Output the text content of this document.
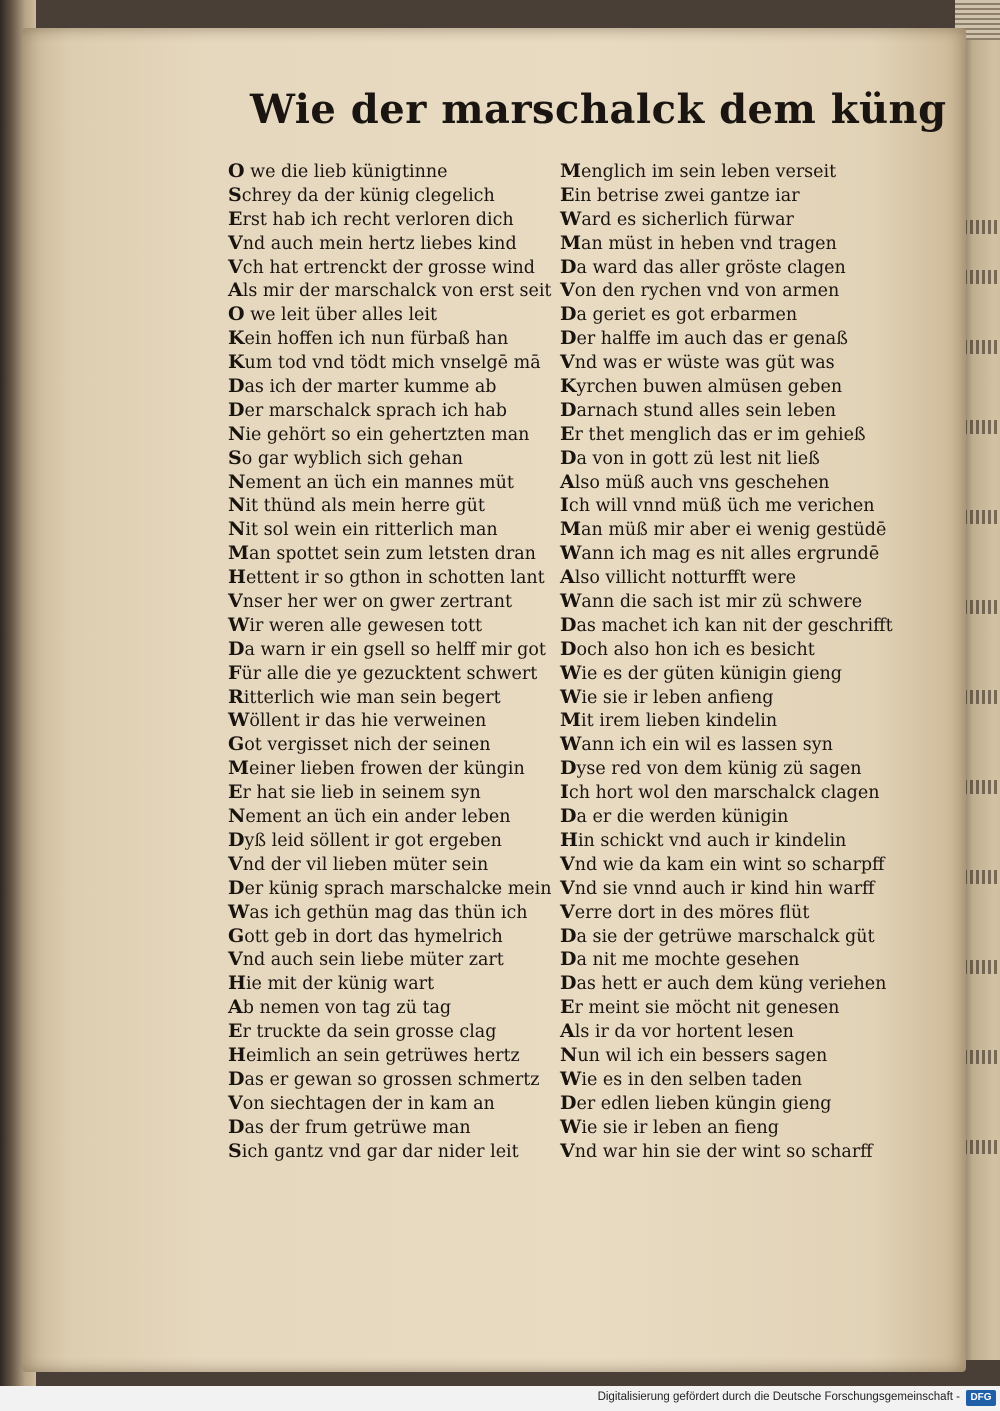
Wie der marschalck dem küng
O we die lieb künigtinne
Schrey da der künig clegelich
Erst hab ich recht verloren dich
Vnd auch mein hertz liebes kind
Vch hat ertrenckt der grosse wind
Als mir der marschalck von erst seit
O we leit über alles leit
Kein hoffen ich nun fürbaß han
Kum tod vnd tödt mich vnselgē mā
Das ich der marter kumme ab
Der marschalck sprach ich hab
Nie gehört so ein gehertzten man
So gar wyblich sich gehan
Nement an üch ein mannes müt
Nit thünd als mein herre güt
Nit sol wein ein ritterlich man
Man spottet sein zum letsten dran
Hettent ir so gthon in schotten lant
Vnser her wer on gwer zertrant
Wir weren alle gewesen tott
Da warn ir ein gsell so helff mir got
Für alle die ye gezucktent schwert
Ritterlich wie man sein begert
Wöllent ir das hie verweinen
Got vergisset nich der seinen
Meiner lieben frowen der küngin
Er hat sie lieb in seinem syn
Nement an üch ein ander leben
Dyß leid söllent ir got ergeben
Vnd der vil lieben müter sein
Der künig sprach marschalcke mein
Was ich gethün mag das thün ich
Gott geb in dort das hymelrich
Vnd auch sein liebe müter zart
Hie mit der künig wart
Ab nemen von tag zü tag
Er truckte da sein grosse clag
Heimlich an sein getrüwes hertz
Das er gewan so grossen schmertz
Von siechtagen der in kam an
Das der frum getrüwe man
Sich gantz vnd gar dar nider leit
Menglich im sein leben verseit
Ein betrise zwei gantze iar
Ward es sicherlich fürwar
Man müst in heben vnd tragen
Da ward das aller gröste clagen
Von den rychen vnd von armen
Da geriet es got erbarmen
Der halffe im auch das er genaß
Vnd was er wüste was güt was
Kyrchen buwen almüsen geben
Darnach stund alles sein leben
Er thet menglich das er im gehieß
Da von in gott zü lest nit ließ
Also müß auch vns geschehen
Ich will vnnd müß üch me verichen
Man müß mir aber ei wenig gestüdē
Wann ich mag es nit alles ergrundē
Also villicht notturfft were
Wann die sach ist mir zü schwere
Das machet ich kan nit der geschrifft
Doch also hon ich es besicht
Wie es der güten künigin gieng
Wie sie ir leben anfieng
Mit irem lieben kindelin
Wann ich ein wil es lassen syn
Dyse red von dem künig zü sagen
Ich hort wol den marschalck clagen
Da er die werden künigin
Hin schickt vnd auch ir kindelin
Vnd wie da kam ein wint so scharpff
Vnd sie vnnd auch ir kind hin warff
Verre dort in des möres flüt
Da sie der getrüwe marschalck güt
Da nit me mochte gesehen
Das hett er auch dem küng veriehen
Er meint sie möcht nit genesen
Als ir da vor hortent lesen
Nun wil ich ein bessers sagen
Wie es in den selben taden
Der edlen lieben küngin gieng
Wie sie ir leben an fieng
Vnd war hin sie der wint so scharff
Digitalisierung gefördert durch die Deutsche Forschungsgemeinschaft -	DFG
